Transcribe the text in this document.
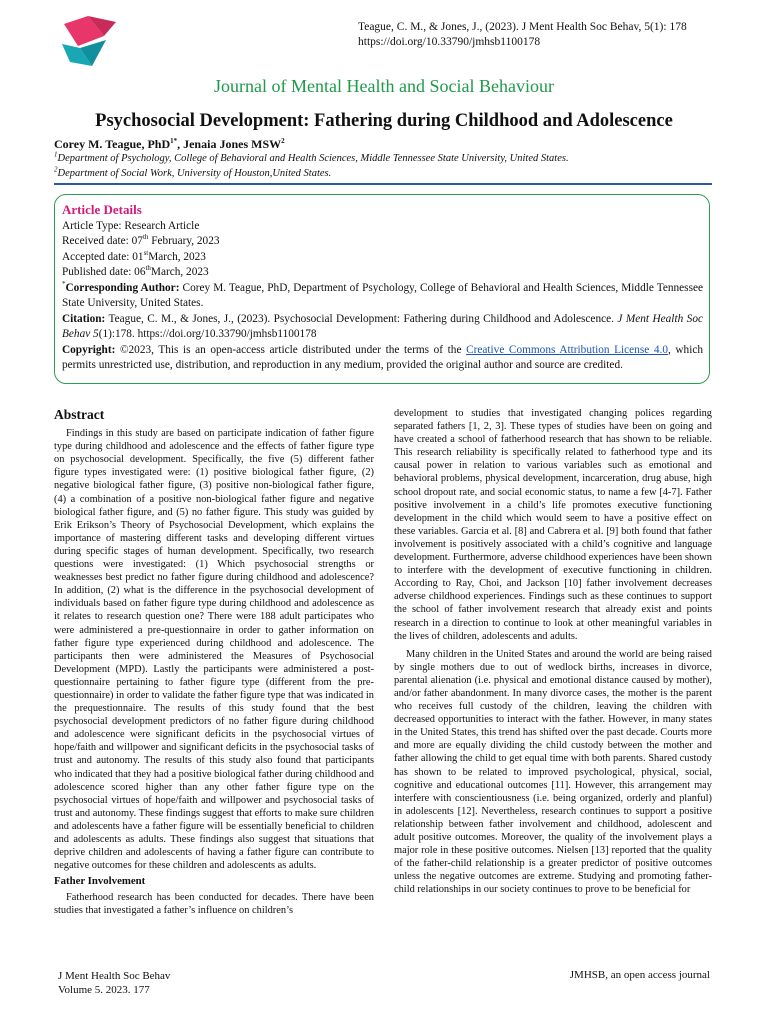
Teague, C. M., & Jones, J., (2023). J Ment Health Soc Behav, 5(1): 178
https://doi.org/10.33790/jmhsb1100178
Journal of Mental Health and Social Behaviour
Psychosocial Development: Fathering during Childhood and Adolescence
Corey M. Teague, PhD$^{1*}$, Jenaia Jones MSW$^2$
$^1$Department of Psychology, College of Behavioral and Health Sciences, Middle Tennessee State University, United States.
$^2$Department of Social Work, University of Houston,United States.
Article Details

Article Type: Research Article

Received date: 07th February, 2023

Accepted date: 01stMarch, 2023

Published date: 06thMarch, 2023

*Corresponding Author: Corey M. Teague, PhD, Department of Psychology, College of Behavioral and Health Sciences, Middle Tennessee State University, United States.

Citation: Teague, C. M., & Jones, J., (2023). Psychosocial Development: Fathering during Childhood and Adolescence. J Ment Health Soc Behav 5(1):178. https://doi.org/10.33790/jmhsb1100178

Copyright: ©2023, This is an open-access article distributed under the terms of the Creative Commons Attribution License 4.0, which permits unrestricted use, distribution, and reproduction in any medium, provided the original author and source are credited.

Abstract

Findings in this study are based on participate indication of father figure type during childhood and adolescence and the effects of father figure type on psychosocial development. Specifically, the five (5) different father figure types investigated were: (1) positive biological father figure, (2) negative biological father figure, (3) positive non-biological father figure, (4) a combination of a positive non-biological father figure and negative biological father figure, and (5) no father figure. This study was guided by Erik Erikson’s Theory of Psychosocial Development, which explains the importance of mastering different tasks and developing different virtues during specific stages of human development. Specifically, two research questions were investigated: (1) Which psychosocial strengths or weaknesses best predict no father figure during childhood and adolescence? In addition, (2) what is the difference in the psychosocial development of individuals based on father figure type during childhood and adolescence as it relates to research question one? There were 188 adult participates who were administered a pre-questionnaire in order to gather information on father figure type experienced during childhood and adolescence. The participants then were administered the Measures of Psychosocial Development (MPD). Lastly the participants were administered a post-questionnaire pertaining to father figure type (different from the pre- questionnaire) in order to validate the father figure type that was indicated in the prequestionnaire. The results of this study found that the best psychosocial development predictors of no father figure during childhood and adolescence were significant deficits in the psychosocial virtues of hope/faith and willpower and significant deficits in the psychosocial tasks of trust and autonomy. The results of this study also found that participants who indicated that they had a positive biological father during childhood and adolescence scored higher than any other father figure type on the psychosocial virtues of hope/faith and willpower and psychosocial tasks of trust and autonomy. These findings suggest that efforts to make sure children and adolescents have a father figure will be essentially beneficial to children and adolescents as adults. These findings also suggest that situations that deprive children and adolescents of having a father figure can contribute to negative outcomes for these children and adolescents as adults.

Father Involvement

Fatherhood research has been conducted for decades. There have been studies that investigated a father’s influence on children’s

development to studies that investigated changing polices regarding separated fathers [1, 2, 3]. These types of studies have been on going and have created a school of fatherhood research that has shown to be reliable. This research reliability is specifically related to fatherhood type and its causal power in relation to various variables such as emotional and behavioral problems, physical development, incarceration, drug abuse, high school dropout rate, and social economic status, to name a few [4-7]. Father positive involvement in a child’s life promotes executive functioning development in the child which would seem to have a positive effect on these variables. Garcia et al. [8] and Cabrera et al. [9] both found that father involvement is positively associated with a child’s cognitive and language development. Furthermore, adverse childhood experiences have been shown to interfere with the development of executive functioning in children. According to Ray, Choi, and Jackson [10] father involvement decreases adverse childhood experiences. Findings such as these continues to support the school of father involvement research that already exist and points research in a direction to continue to look at other meaningful variables in the lives of children, adolescents and adults.

Many children in the United States and around the world are being raised by single mothers due to out of wedlock births, increases in divorce, parental alienation (i.e. physical and emotional distance caused by mother), and/or father abandonment. In many divorce cases, the mother is the parent who receives full custody of the children, leaving the children with decreased opportunities to interact with the father. However, in many states in the United States, this trend has shifted over the past decade. Courts more and more are equally dividing the child custody between the mother and father allowing the child to get equal time with both parents. Shared custody has shown to be related to improved psychological, physical, social, cognitive and educational outcomes [11]. However, this arrangement may interfere with conscientiousness (i.e. being organized, orderly and planful) in adolescents [12]. Nevertheless, research continues to support a positive relationship between father involvement and childhood, adolescent and adult positive outcomes. Moreover, the quality of the involvement plays a major role in these positive outcomes. Nielsen [13] reported that the quality of the father-child relationship is a greater predictor of positive outcomes unless the negative outcomes are extreme. Studying and promoting father-child relationships in our society continues to prove to be beneficial for

J Ment Health Soc Behav
Volume 5. 2023. 177
JMHSB, an open access journal
